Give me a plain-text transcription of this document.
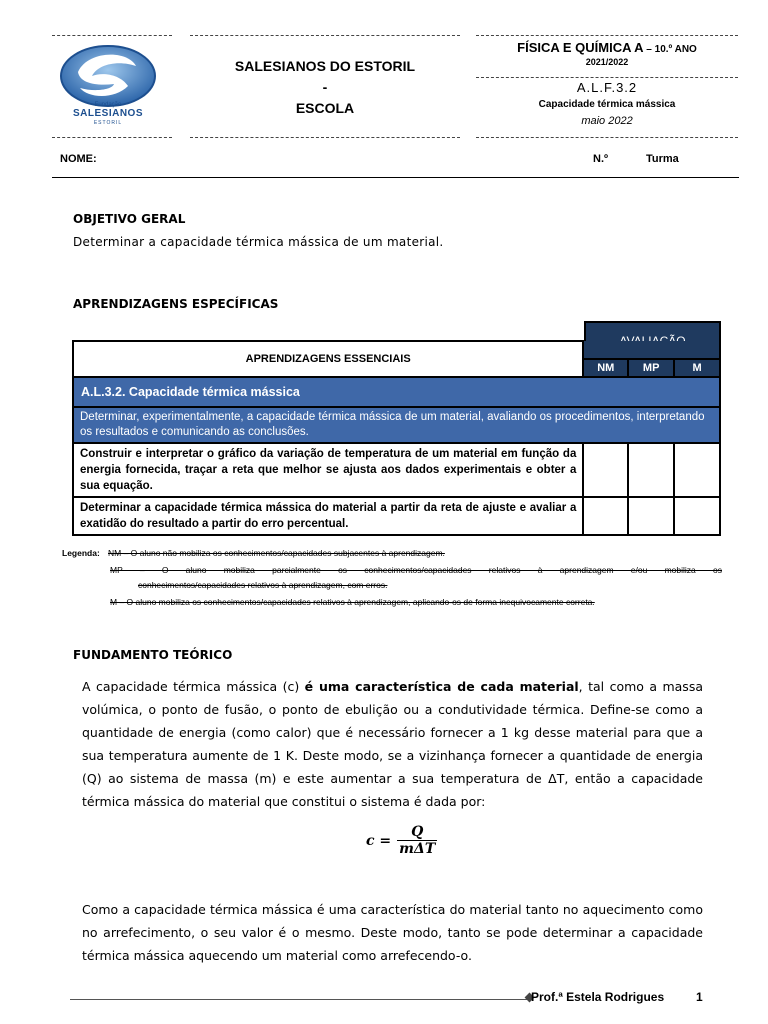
Fundação
SALESIANOS
ESTORIL
SALESIANOS DO ESTORIL
-
ESCOLA
FÍSICA E QUÍMICA A – 10.º ANO
2021/2022
A.L.F.3.2
Capacidade térmica mássica
maio 2022
NOME:	N.º	Turma
OBJETIVO GERAL
Determinar a capacidade térmica mássica de um material.
APRENDIZAGENS ESPECÍFICAS
APRENDIZAGENS ESSENCIAIS			
	NM	MP	M
A.L.3.2. Capacidade térmica mássica			
Determinar, experimentalmente, a capacidade térmica mássica de um material, avaliando os procedimentos, interpretando os resultados e comunicando as conclusões.			
Construir e interpretar o gráfico da variação de temperatura de um material em função da energia fornecida, traçar a reta que melhor se ajusta aos dados experimentais e obter a sua equação.			
Determinar a capacidade térmica mássica do material a partir da reta de ajuste e avaliar a exatidão do resultado a partir do erro percentual.			
Legenda: NM – O aluno não mobiliza os conhecimentos/capacidades subjacentes à aprendizagem.
MP – O aluno mobiliza parcialmente os conhecimentos/capacidades relativos à aprendizagem e/ou mobiliza os
conhecimentos/capacidades relativos à aprendizagem, com erros.
M – O aluno mobiliza os conhecimentos/capacidades relativos à aprendizagem, aplicando-os de forma inequivocamente correta.
FUNDAMENTO TEÓRICO
A capacidade térmica mássica (c) é uma característica de cada material, tal como a massa volúmica, o ponto de fusão, o ponto de ebulição ou a condutividade térmica. Define-se como a quantidade de energia (como calor) que é necessário fornecer a 1 kg desse material para que a sua temperatura aumente de 1 K. Deste modo, se a vizinhança fornecer a quantidade de energia (Q) ao sistema de massa (m) e este aumentar a sua temperatura de ΔT, então a capacidade térmica mássica do material que constitui o sistema é dada por:
c =
Q
mΔT
Como a capacidade térmica mássica é uma característica do material tanto no aquecimento como no arrefecimento, o seu valor é o mesmo. Deste modo, tanto se pode determinar a capacidade térmica mássica aquecendo um material como arrefecendo-o.
Prof.ª Estela Rodrigues	1
